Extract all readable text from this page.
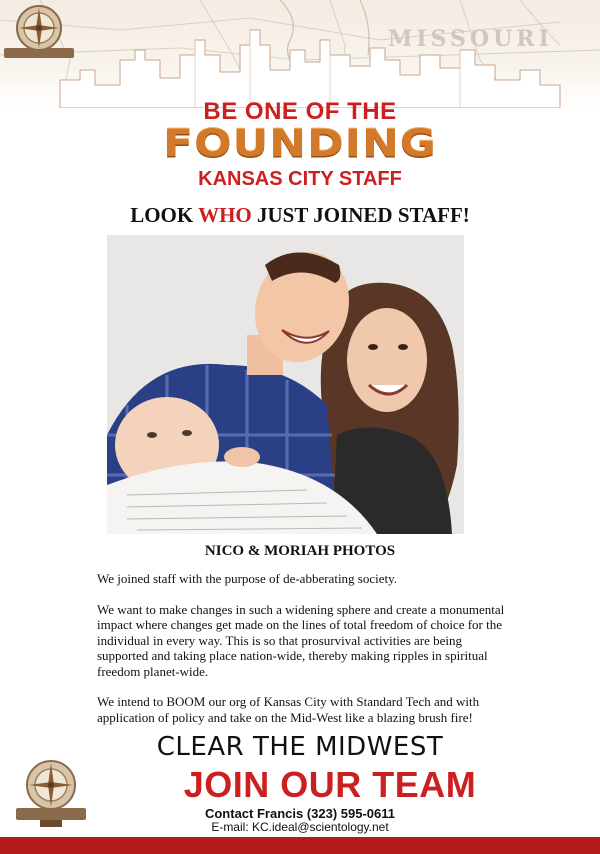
MISSOURI
BE ONE OF THE
FOUNDING
KANSAS CITY STAFF
LOOK WHO JUST JOINED STAFF!
NICO & MORIAH PHOTOS

We joined staff with the purpose of de-abberating society.

We want to make changes in such a widening sphere and create a monumental impact where changes get made on the lines of total freedom of choice for the individual in every way. This is so that prosurvival activities are being supported and taking place nation-wide, thereby making ripples in spiritual freedom planet-wide.

We intend to BOOM our org of Kansas City with Standard Tech and with application of policy and take on the Mid-West like a blazing brush fire!

CLEAR THE MIDWEST
JOIN OUR TEAM
Contact Francis (323) 595-0611
E-mail: KC.ideal@scientology.net
